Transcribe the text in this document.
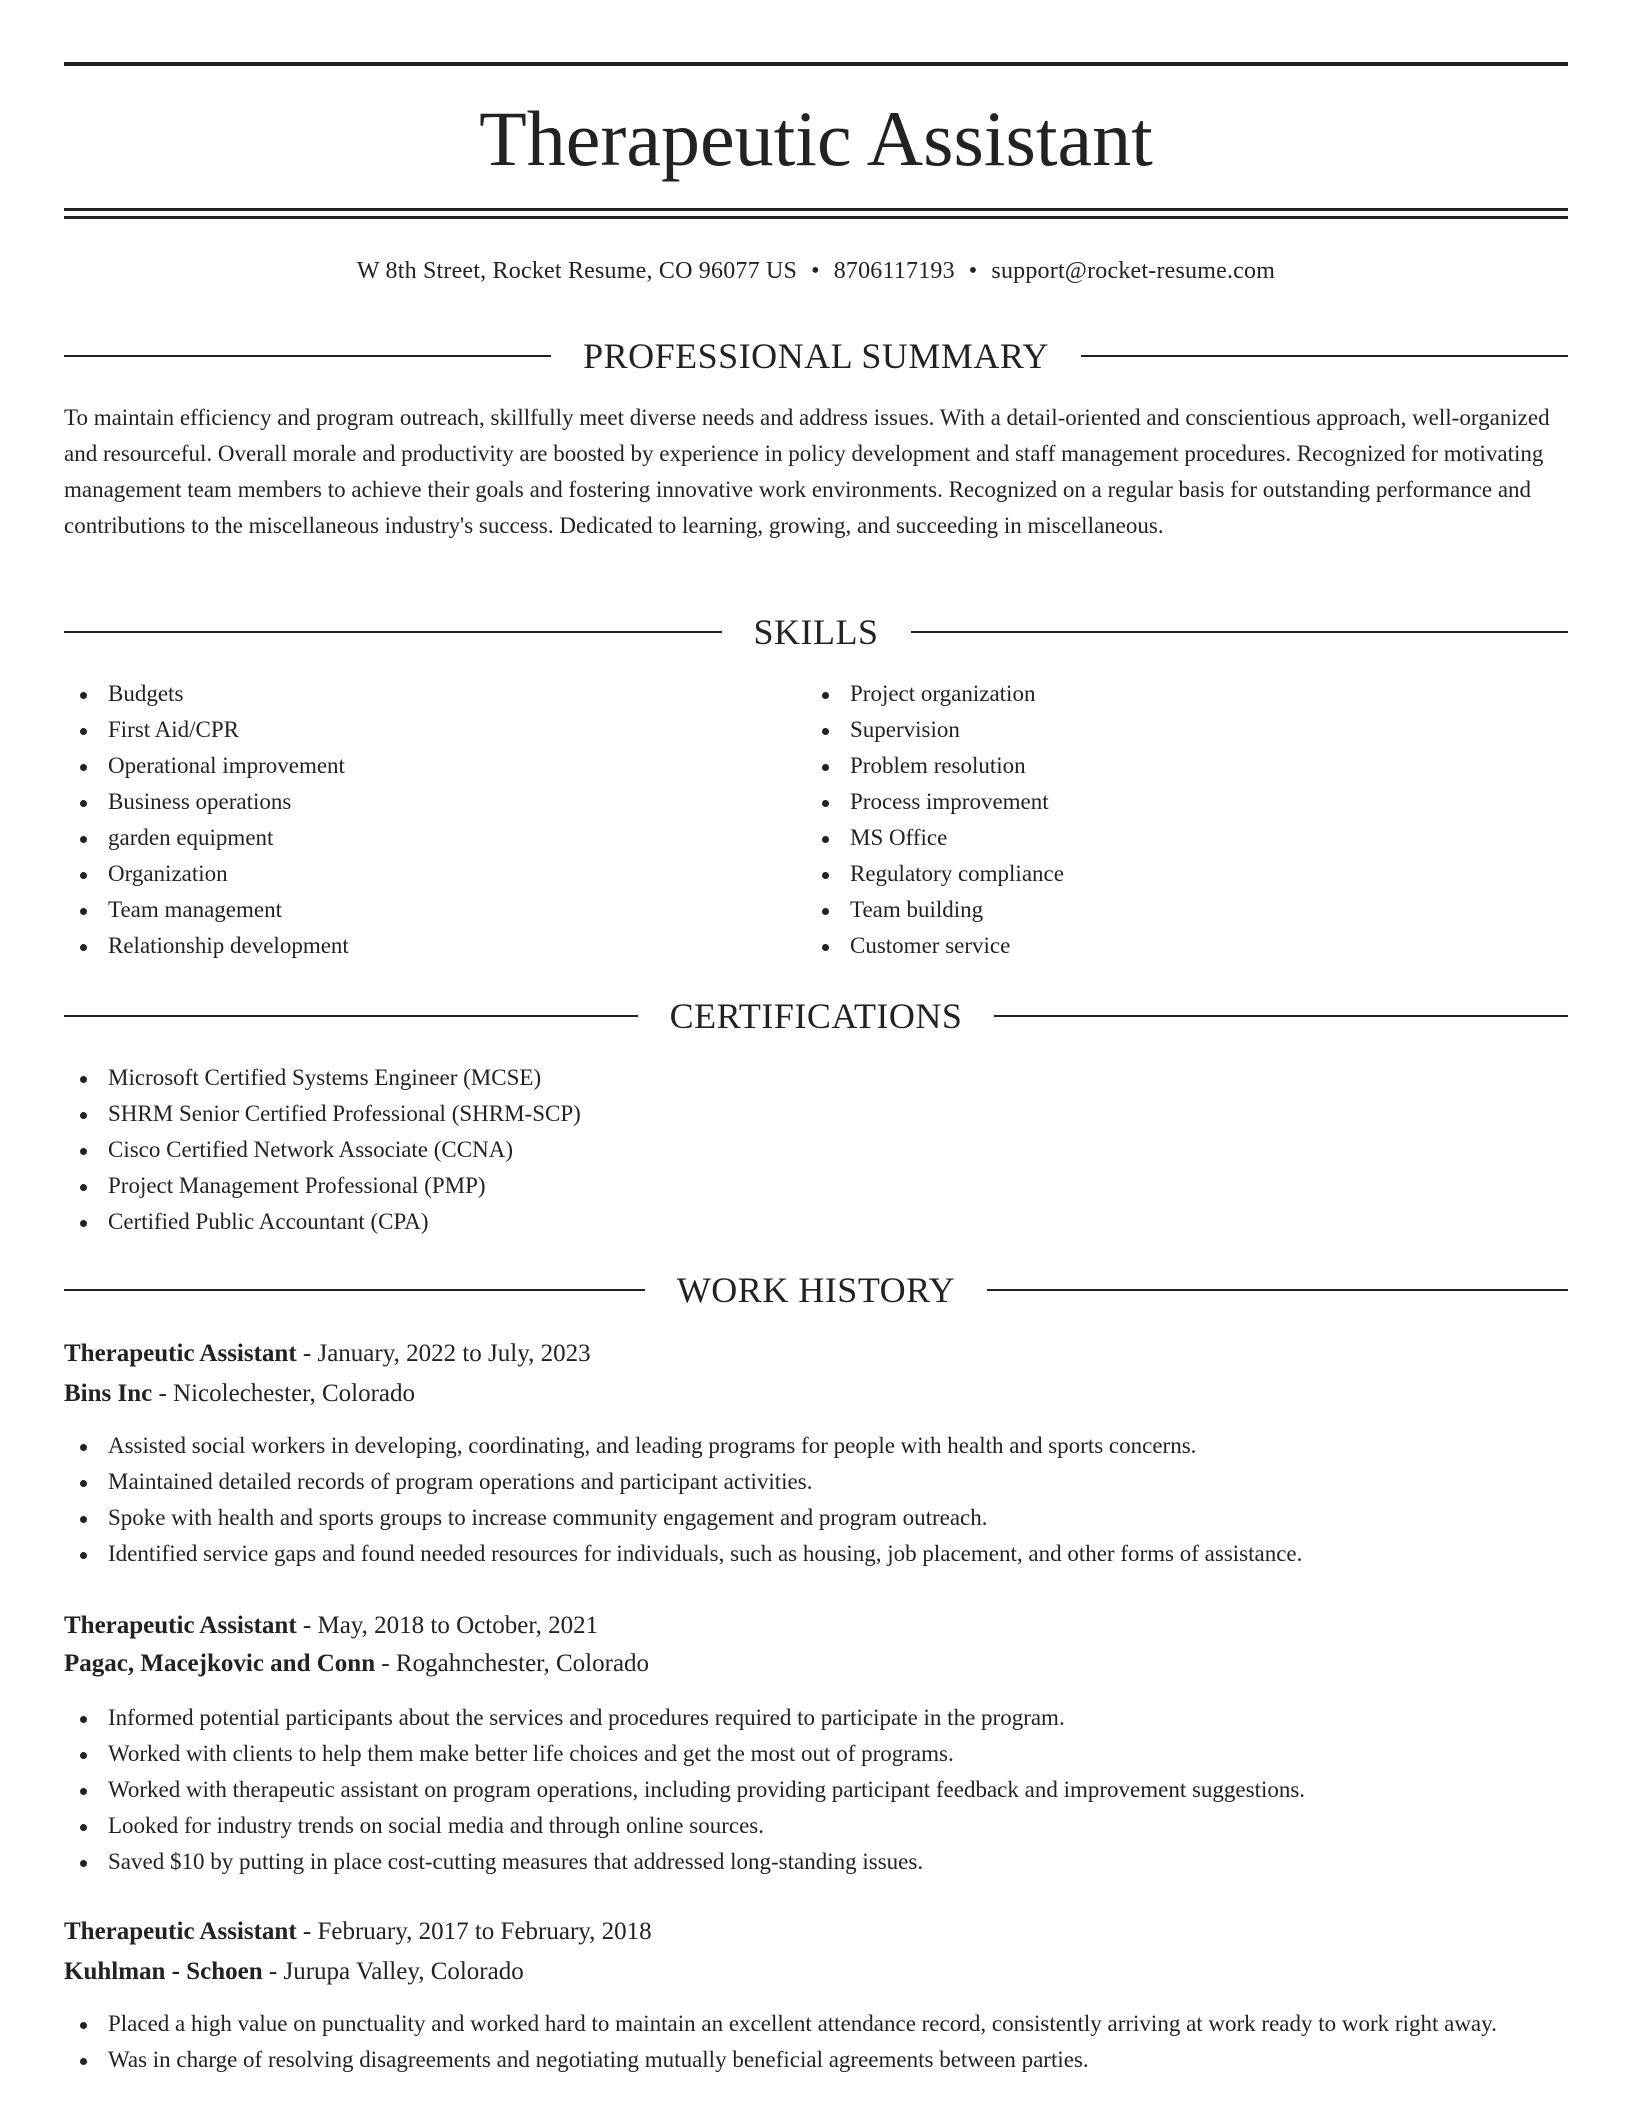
Therapeutic Assistant
W 8th Street, Rocket Resume, CO 96077 US • 8706117193 • support@rocket-resume.com
PROFESSIONAL SUMMARY

To maintain efficiency and program outreach, skillfully meet diverse needs and address issues. With a detail-oriented and conscientious approach, well-organized and resourceful. Overall morale and productivity are boosted by experience in policy development and staff management procedures. Recognized for motivating management team members to achieve their goals and fostering innovative work environments. Recognized on a regular basis for outstanding performance and contributions to the miscellaneous industry's success. Dedicated to learning, growing, and succeeding in miscellaneous.

SKILLS
Budgets
First Aid/CPR
Operational improvement
Business operations
garden equipment
Organization
Team management
Relationship development
Project organization
Supervision
Problem resolution
Process improvement
MS Office
Regulatory compliance
Team building
Customer service
CERTIFICATIONS
Microsoft Certified Systems Engineer (MCSE)
SHRM Senior Certified Professional (SHRM-SCP)
Cisco Certified Network Associate (CCNA)
Project Management Professional (PMP)
Certified Public Accountant (CPA)
WORK HISTORY
Therapeutic Assistant - January, 2022 to July, 2023
Bins Inc - Nicolechester, Colorado
Assisted social workers in developing, coordinating, and leading programs for people with health and sports concerns.
Maintained detailed records of program operations and participant activities.
Spoke with health and sports groups to increase community engagement and program outreach.
Identified service gaps and found needed resources for individuals, such as housing, job placement, and other forms of assistance.
Therapeutic Assistant - May, 2018 to October, 2021
Pagac, Macejkovic and Conn - Rogahnchester, Colorado
Informed potential participants about the services and procedures required to participate in the program.
Worked with clients to help them make better life choices and get the most out of programs.
Worked with therapeutic assistant on program operations, including providing participant feedback and improvement suggestions.
Looked for industry trends on social media and through online sources.
Saved $10 by putting in place cost-cutting measures that addressed long-standing issues.
Therapeutic Assistant - February, 2017 to February, 2018
Kuhlman - Schoen - Jurupa Valley, Colorado
Placed a high value on punctuality and worked hard to maintain an excellent attendance record, consistently arriving at work ready to work right away.
Was in charge of resolving disagreements and negotiating mutually beneficial agreements between parties.
